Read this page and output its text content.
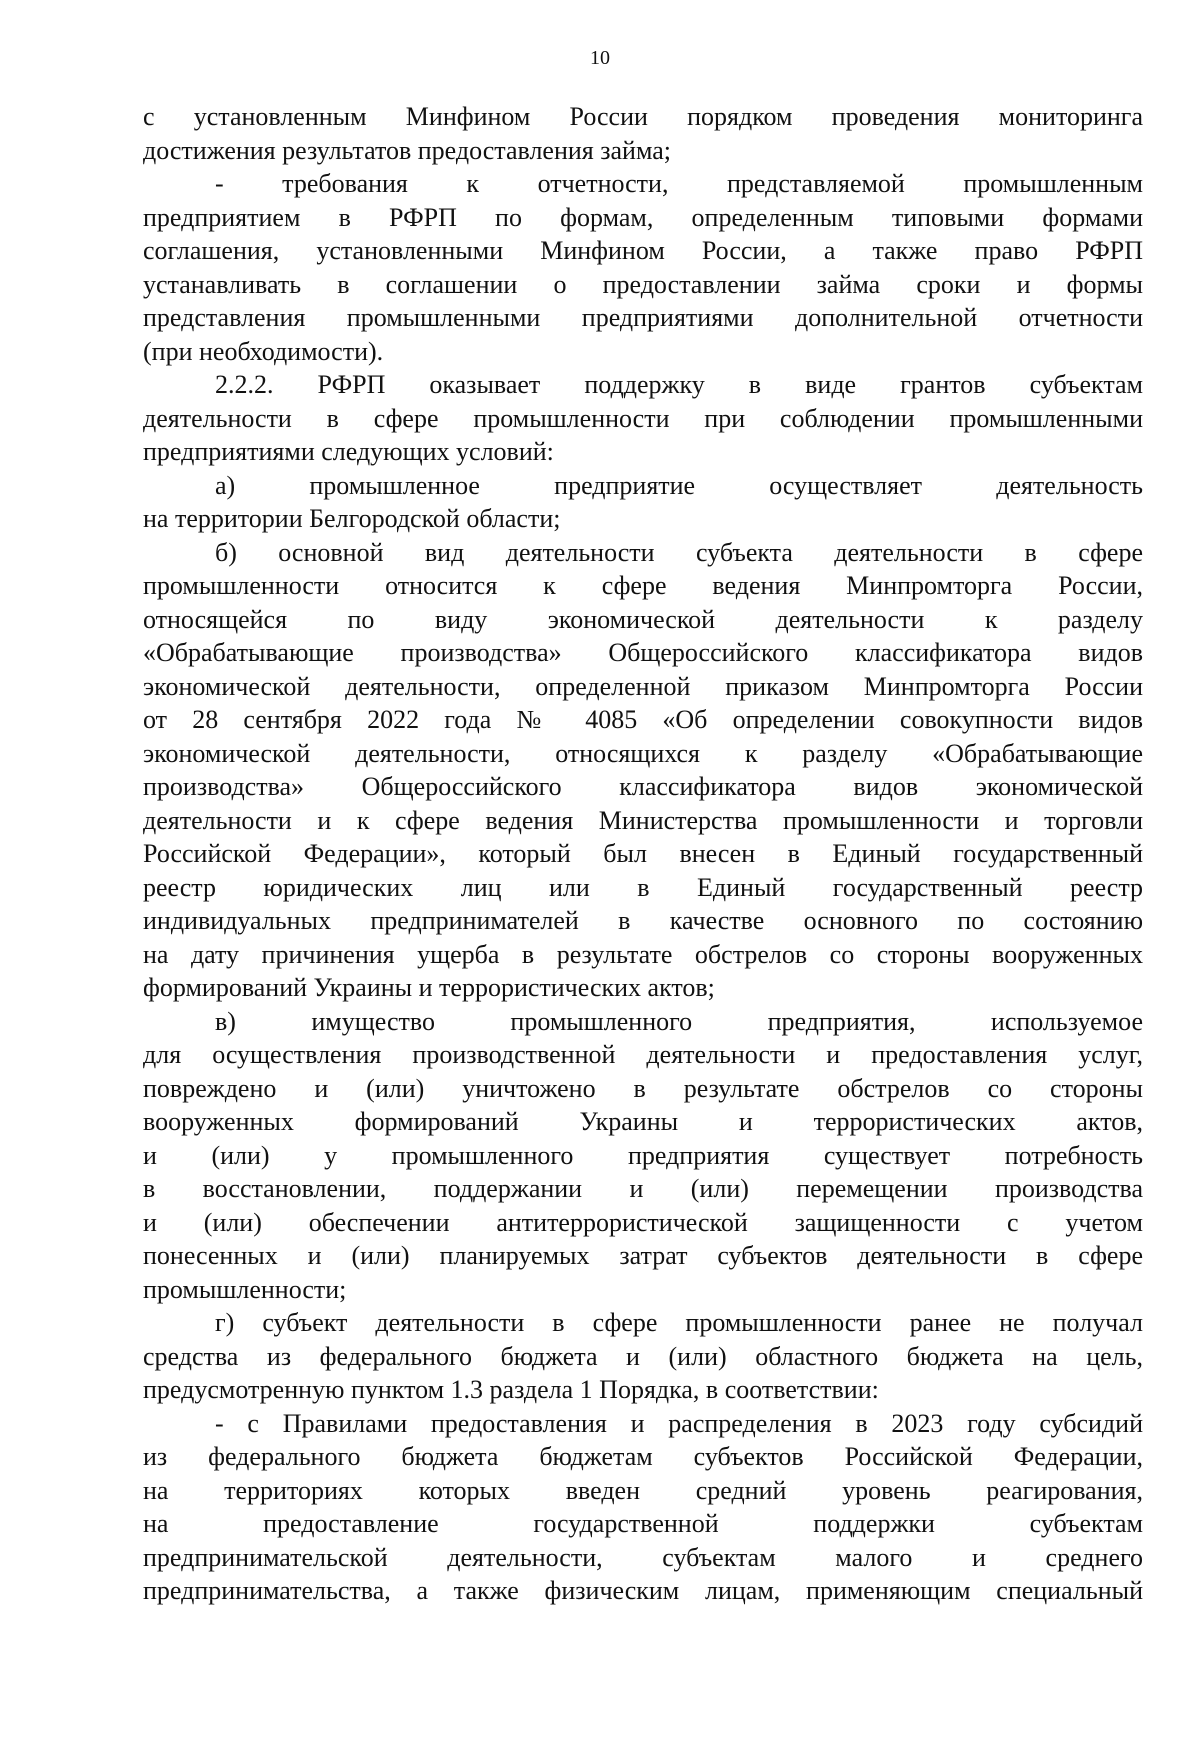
10
с установленным Минфином России порядком проведения мониторинга
достижения результатов предоставления займа;
- требования к отчетности, представляемой промышленным
предприятием в РФРП по формам, определенным типовыми формами
соглашения, установленными Минфином России, а также право РФРП
устанавливать в соглашении о предоставлении займа сроки и формы
представления промышленными предприятиями дополнительной отчетности
(при необходимости).
2.2.2. РФРП оказывает поддержку в виде грантов субъектам
деятельности в сфере промышленности при соблюдении промышленными
предприятиями следующих условий:
а) промышленное предприятие осуществляет деятельность
на территории Белгородской области;
б) основной вид деятельности субъекта деятельности в сфере
промышленности относится к сфере ведения Минпромторга России,
относящейся по виду экономической деятельности к разделу
«Обрабатывающие производства» Общероссийского классификатора видов
экономической деятельности, определенной приказом Минпромторга России
от 28 сентября 2022 года № 4085 «Об определении совокупности видов
экономической деятельности, относящихся к разделу «Обрабатывающие
производства» Общероссийского классификатора видов экономической
деятельности и к сфере ведения Министерства промышленности и торговли
Российской Федерации», который был внесен в Единый государственный
реестр юридических лиц или в Единый государственный реестр
индивидуальных предпринимателей в качестве основного по состоянию
на дату причинения ущерба в результате обстрелов со стороны вооруженных
формирований Украины и террористических актов;
в) имущество промышленного предприятия, используемое
для осуществления производственной деятельности и предоставления услуг,
повреждено и (или) уничтожено в результате обстрелов со стороны
вооруженных формирований Украины и террористических актов,
и (или) у промышленного предприятия существует потребность
в восстановлении, поддержании и (или) перемещении производства
и (или) обеспечении антитеррористической защищенности с учетом
понесенных и (или) планируемых затрат субъектов деятельности в сфере
промышленности;
г) субъект деятельности в сфере промышленности ранее не получал
средства из федерального бюджета и (или) областного бюджета на цель,
предусмотренную пунктом 1.3 раздела 1 Порядка, в соответствии:
- с Правилами предоставления и распределения в 2023 году субсидий
из федерального бюджета бюджетам субъектов Российской Федерации,
на территориях которых введен средний уровень реагирования,
на предоставление государственной поддержки субъектам
предпринимательской деятельности, субъектам малого и среднего
предпринимательства, а также физическим лицам, применяющим специальный
